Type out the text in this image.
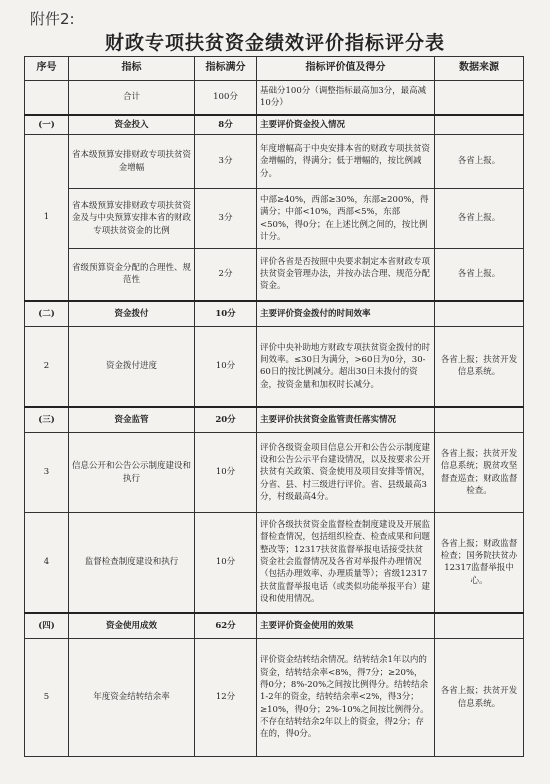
附件2:
财政专项扶贫资金绩效评价指标评分表
序号	指标	指标满分	指标评价值及得分	数据来源
	合计	100分	基础分100分（调整指标最高加3分，最高减10分）	
(一)	资金投入	8分	主要评价资金投入情况	
1	省本级预算安排财政专项扶贫资金增幅	3分	年度增幅高于中央安排本省的财政专项扶贫资金增幅的，得满分；低于增幅的，按比例减分。	各省上报。
	省本级预算安排财政专项扶贫资金及与中央预算安排本省的财政专项扶贫资金的比例	3分	中部≥40%，西部≥30%，东部≥200%，得满分；中部<10%，西部<5%，东部<50%，得0分；在上述比例之间的，按比例计分。	各省上报。
	省级预算资金分配的合理性、规范性	2分	评价各省是否按照中央要求制定本省财政专项扶贫资金管理办法，并按办法合理、规范分配资金。	各省上报。
(二)	资金拨付	10分	主要评价资金拨付的时间效率	
2	资金拨付进度	10分	评价中央补助地方财政专项扶贫资金拨付的时间效率。≤30日为满分，>60日为0分，30-60日的按比例减分。超出30日未拨付的资金，按资金量和加权时长减分。	各省上报；扶贫开发信息系统。
(三)	资金监管	20分	主要评价扶贫资金监管责任落实情况	
3	信息公开和公告公示制度建设和执行	10分	评价各级资金项目信息公开和公告公示制度建设和公告公示平台建设情况，以及按要求公开扶贫有关政策、资金使用及项目安排等情况，分省、县、村三级进行评价。省、县级最高3分，村级最高4分。	各省上报；扶贫开发信息系统；脱贫攻坚督查巡查；财政监督检查。
4	监督检查制度建设和执行	10分	评价各级扶贫资金监督检查制度建设及开展监督检查情况，包括组织检查、检查成果和问题整改等；12317扶贫监督举报电话接受扶贫资金社会监督情况及各省对举报件办理情况（包括办理效率、办理质量等）；省级12317扶贫监督举报电话（或类似功能举报平台）建设和使用情况。	各省上报；财政监督检查；国务院扶贫办12317监督举报中心。
(四)	资金使用成效	62分	主要评价资金使用的效果	
5	年度资金结转结余率	12分	评价资金结转结余情况。结转结余1年以内的资金，结转结余率<8%，得7分；≥20%，得0分；8%-20%之间按比例得分。结转结余1-2年的资金，结转结余率<2%，得3分；≥10%，得0分；2%-10%之间按比例得分。不存在结转结余2年以上的资金，得2分；存在的，得0分。	各省上报；扶贫开发信息系统。
